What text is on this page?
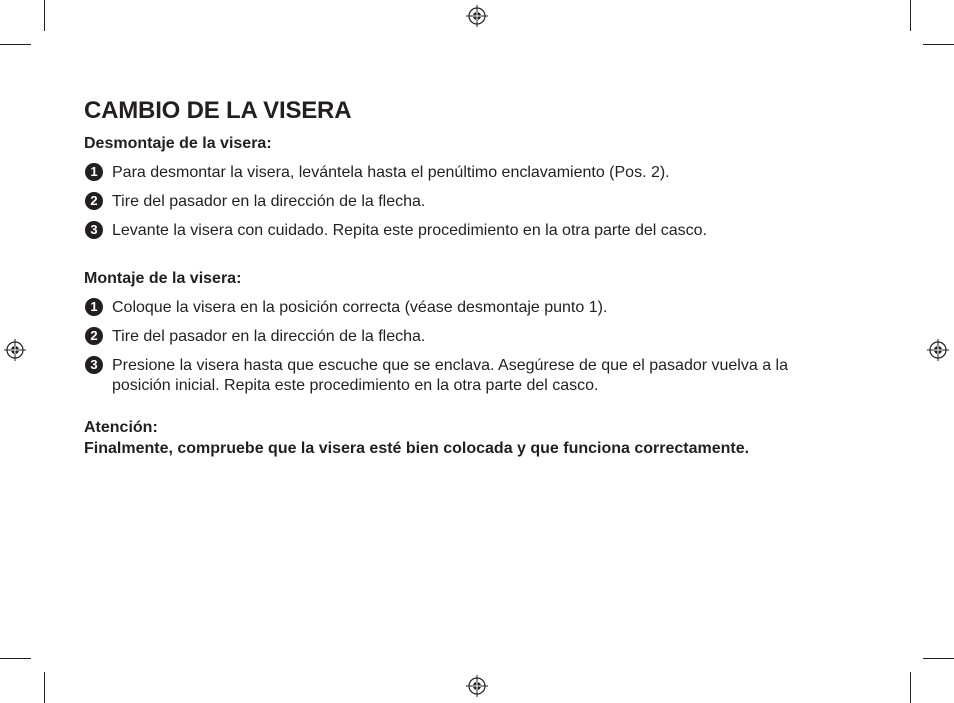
CAMBIO DE LA VISERA
Desmontaje de la visera:
1 Para desmontar la visera, levántela hasta el penúltimo enclavamiento (Pos. 2).
2 Tire del pasador en la dirección de la flecha.
3 Levante la visera con cuidado. Repita este procedimiento en la otra parte del casco.
Montaje de la visera:
1 Coloque la visera en la posición correcta (véase desmontaje punto 1).
2 Tire del pasador en la dirección de la flecha.
3 Presione la visera hasta que escuche que se enclava. Asegúrese de que el pasador vuelva a la posición inicial. Repita este procedimiento en la otra parte del casco.

Atención:

Finalmente, compruebe que la visera esté bien colocada y que funciona correctamente.
